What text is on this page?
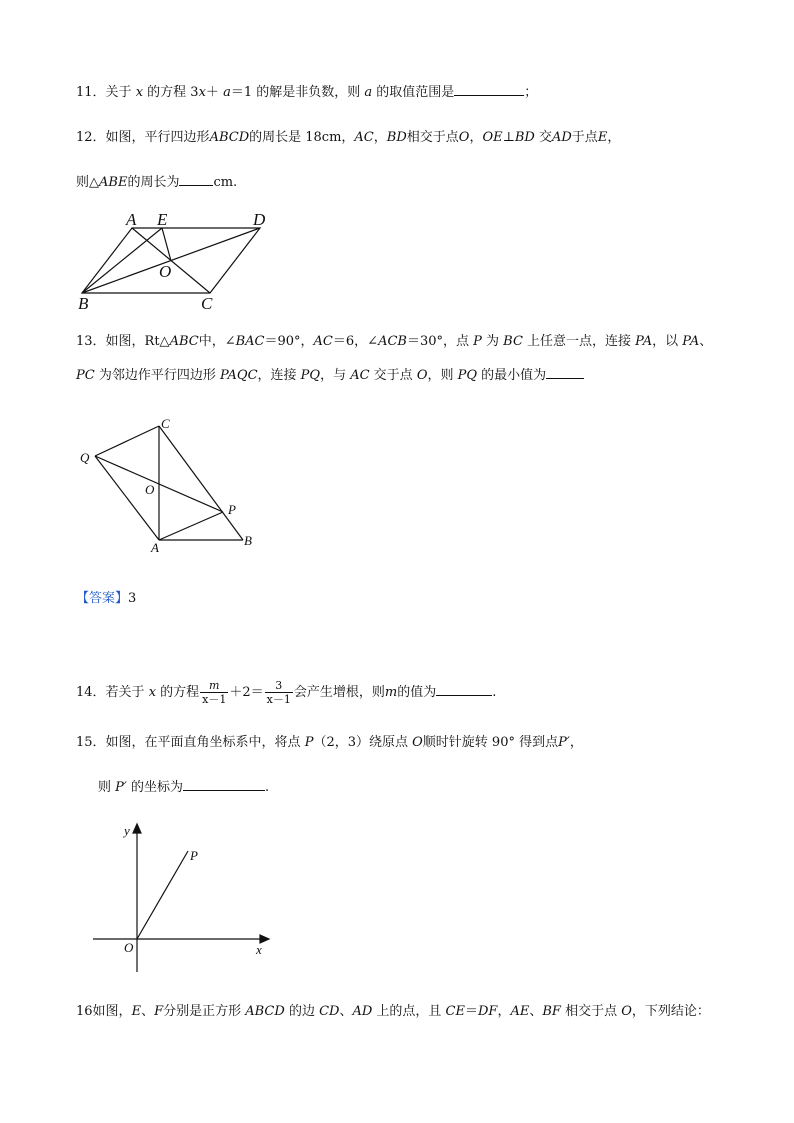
11．关于 x 的方程 3x＋ a＝1 的解是非负数，则 a 的取值范围是	；
12．如图，平行四边形ABCD的周长是 18cm，AC，BD相交于点O，OE⊥BD 交AD于点E，
则△ABE的周长为	cm.
A E	D
O
B	C
13．如图，Rt△ABC中，∠BAC＝90°，AC＝6，∠ACB＝30°，点 P 为 BC 上任意一点，连接 PA，以 PA、
PC 为邻边作平行四边形 PAQC，连接 PQ，与 AC 交于点 O，则 PQ 的最小值为
C
Q
O
P
A	B
【答案】3
14．若关于 x 的方程 $\frac{m}{x-1} +2= \frac{3}{x-1}$ 会产生增根，则m的值为	.
15．如图，在平面直角坐标系中，将点 P（2，3）绕原点 O顺时针旋转 90° 得到点P′，
则 P′ 的坐标为	.
y
x
O
P
16如图，E、F分别是正方形 ABCD 的边 CD、AD 上的点，且 CE＝DF，AE、BF 相交于点 O，下列结论：
